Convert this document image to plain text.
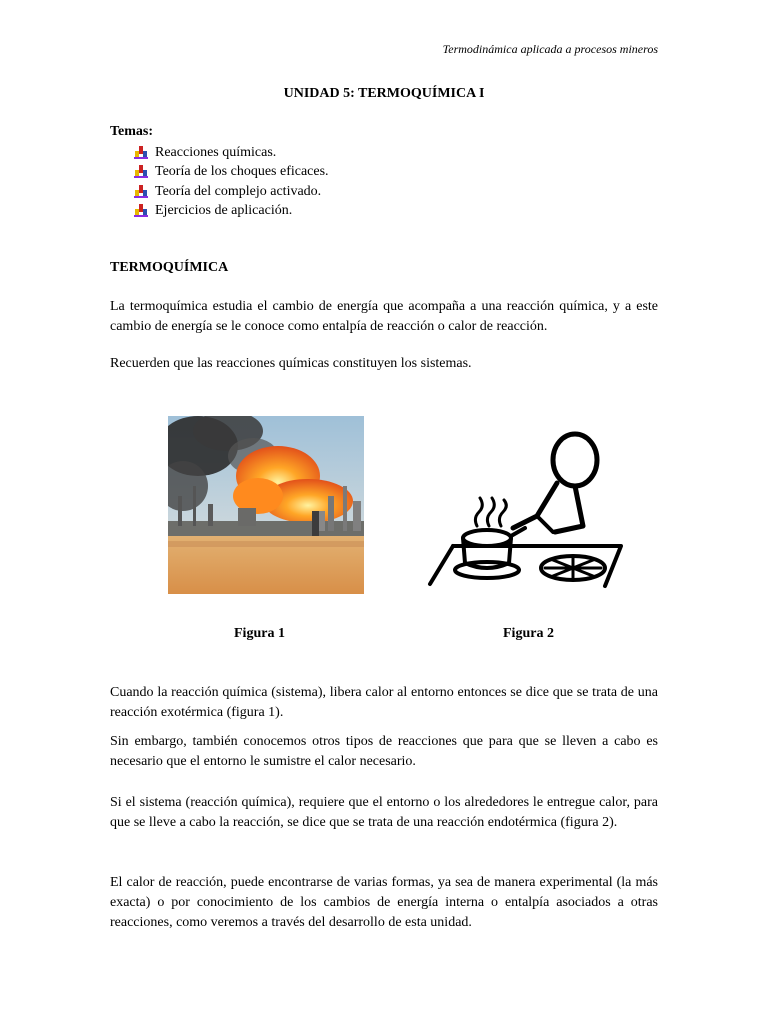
Termodinámica aplicada a procesos mineros
UNIDAD 5: TERMOQUÍMICA I
Temas:
Reacciones químicas.
Teoría de los choques eficaces.
Teoría del complejo activado.
Ejercicios de aplicación.
TERMOQUÍMICA

La termoquímica estudia el cambio de energía que acompaña a una reacción química, y a este cambio de energía se le conoce como entalpía de reacción o calor de reacción.

Recuerden que las reacciones químicas constituyen los sistemas.

Figura 1	Figura 2

Cuando la reacción química (sistema), libera calor al entorno entonces se dice que se trata de una reacción exotérmica (figura 1).

Sin embargo, también conocemos otros tipos de reacciones que para que se lleven a cabo es necesario que el entorno le sumistre el calor necesario.

Si el sistema (reacción química), requiere que el entorno o los alrededores le entregue calor, para que se lleve a cabo la reacción, se dice que se trata de una reacción endotérmica (figura 2).

El calor de reacción, puede encontrarse de varias formas, ya sea de manera experimental (la más exacta) o por conocimiento de los cambios de energía interna o entalpía asociados a otras reacciones, como veremos a través del desarrollo de esta unidad.
